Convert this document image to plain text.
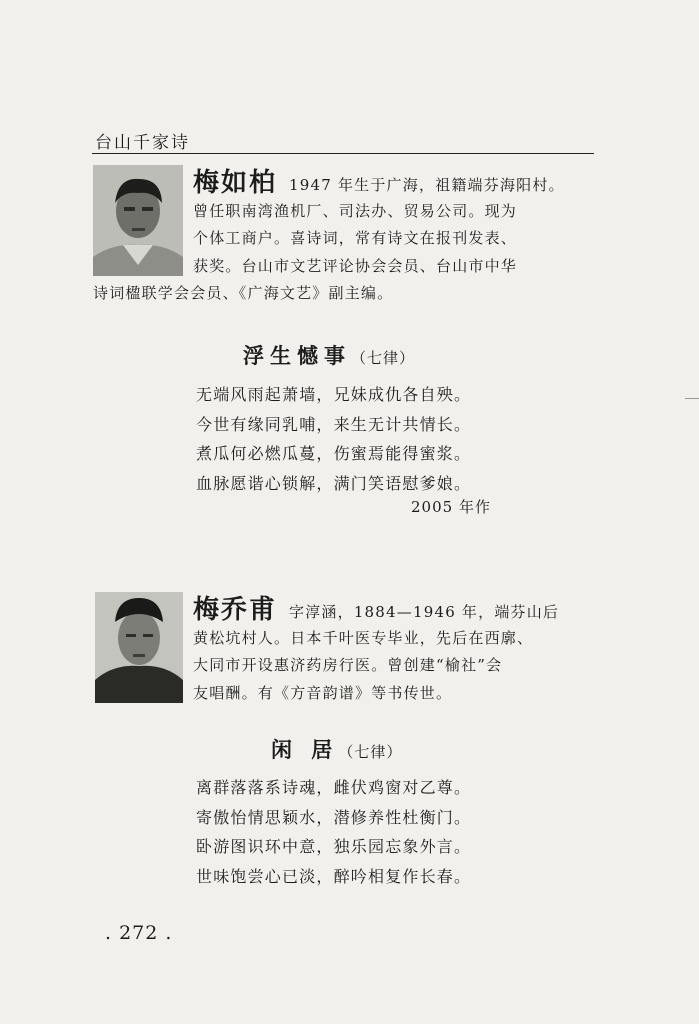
台山千家诗
梅如柏 1947 年生于广海，祖籍端芬海阳村。
曾任职南湾渔机厂、司法办、贸易公司。现为
个体工商户。喜诗词，常有诗文在报刊发表、
获奖。台山市文艺评论协会会员、台山市中华
诗词楹联学会会员、《广海文艺》副主编。
浮生憾事（七律）
无端风雨起萧墙，兄妹成仇各自殃。
今世有缘同乳哺，来生无计共情长。
煮瓜何必燃瓜蔓，伤蜜焉能得蜜浆。
血脉愿谐心锁解，满门笑语慰爹娘。
2005 年作
梅乔甫 字淳涵，1884—1946 年，端芬山后
黄松坑村人。日本千叶医专毕业，先后在西廓、
大同市开设惠济药房行医。曾创建“榆社”会
友唱酬。有《方音韵谱》等书传世。
闲 居（七律）
离群落落系诗魂，雌伏鸡窗对乙尊。
寄傲怡情思颖水，潜修养性杜衡门。
卧游图识环中意，独乐园忘象外言。
世味饱尝心已淡，醉吟相复作长春。
. 272 .
